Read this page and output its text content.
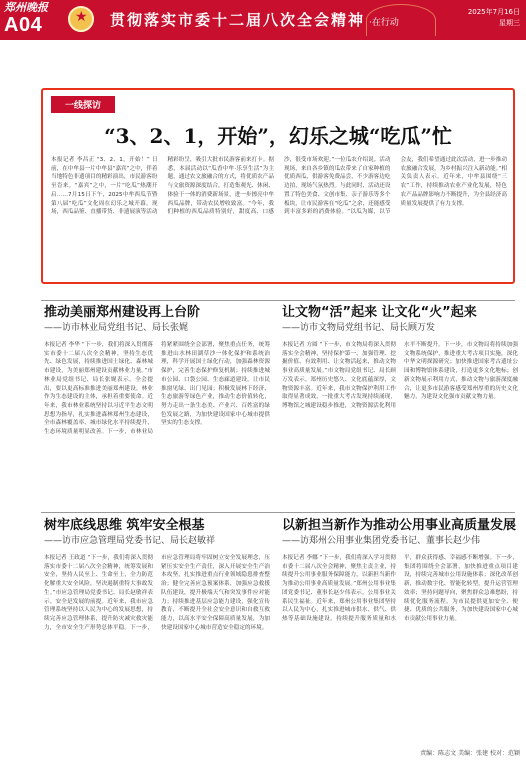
郑州晚报
A04
★	贯彻落实市委十二届八次全会精神 ·在行动
2025年7月16日
星期三
一线探访
“3、2、1，开始”，幻乐之城“吃瓜”忙
本报记者 李昌正 “3、2、1，开始！” 日前，在中牟县一片中牟县“嘉宾”之中，伴着当地特色非遗项目的精彩演出，市民游客纷至沓来。“嘉宾”之中，一片“吃瓜”热潮开启……7月15日下午，2025中牟西瓜节暨第八届“吃瓜”文化周在幻乐之城开幕。现场，西瓜品鉴、直播带货、非遗展演等活动精彩纷呈，吸引大批市民游客前来打卡。据悉，本届活动以“瓜香中牟·乐享生活”为主题，通过农文旅融合的方式，将优质农产品与文旅资源深度结合，打造集观光、休闲、体验于一体的消费新场景，进一步擦亮中牟西瓜品牌，带动农民增收致富。“今年，我们种植的西瓜品质特别好，甜度高、口感沙，很受市场欢迎。”一位瓜农介绍说。活动现场，来自各乡镇的瓜农带来了自家种植的优质西瓜，供游客免费品尝，不少游客边吃边拍，现场气氛热烈。与此同时，活动还设置了特色美食、文创市集、亲子游乐等多个板块，让市民游客在“吃瓜”之余，还能感受到丰富多彩的消费体验。“以瓜为媒，以节会友，我们希望通过此次活动，进一步推动农旅融合发展，为乡村振兴注入新动能。”相关负责人表示。近年来，中牟县围绕“三农”工作，持续推动农业产业化发展，特色农产品品牌影响力不断提升，为全县经济高质量发展提供了有力支撑。
推动美丽郑州建设再上台阶
——访市林业局党组书记、局长张娓
本报记者 李华 “下一步，我们将深入贯彻落实市委十二届八次全会精神，坚持生态优先、绿色发展，持续推进国土绿化、森林城市建设，为美丽郑州建设贡献林业力量。”市林业局党组书记、局长张娓表示。全会提出，要以更高标准推进美丽郑州建设。林业作为生态建设的主体，承担着重要使命。近年来，我市林业系统坚持以习近平生态文明思想为指导，扎实推进森林郑州生态建设，全市森林覆盖率、城市绿化水平持续提升，生态环境质量明显改善。下一步，市林业局将紧紧围绕全会部署，聚焦重点任务，统筹推进山水林田湖草沙一体化保护和系统治理，科学开展国土绿化行动，加强森林资源保护，完善生态保护修复机制；持续推进城市公园、口袋公园、生态廊道建设，让市民推窗见绿、出门见园；积极发展林下经济、生态旅游等绿色产业，推动生态价值转化，努力走出一条生态美、产业兴、百姓富的绿色发展之路，为加快建设国家中心城市提供坚实的生态支撑。
让文物“活”起来 让文化“火”起来
——访市文物局党组书记、局长顾万发
本报记者 方圆 “下一步，市文物局将深入贯彻落实全会精神，坚持保护第一、加强管理、挖掘价值、有效利用、让文物活起来，推动文物事业高质量发展。”市文物局党组书记、局长顾万发表示。郑州历史悠久、文化底蕴深厚，文物资源丰富。近年来，我市文物保护利用工作取得显著成效，一批重大考古发现持续涌现，博物馆之城建设稳步推进，文物资源活化利用水平不断提升。下一步，市文物局将持续加强文物系统保护，推进重大考古项目实施，深化中华文明探源研究；加快推进国家考古遗址公园和博物馆体系建设，打造更多文化地标；创新文物展示利用方式，推动文物与旅游深度融合，让更多市民游客感受郑州厚重的历史文化魅力，为建设文化强市贡献文物力量。
树牢底线思维 筑牢安全根基
——访市应急管理局党委书记、局长赵敏祥
本报记者 王政道 “下一步，我们将深入贯彻落实市委十二届八次全会精神，统筹发展和安全，坚持人民至上、生命至上，全力防范化解重大安全风险，坚决遏制重特大事故发生。”市应急管理局党委书记、局长赵敏祥表示。安全是发展的前提。近年来，我市应急管理系统坚持以人民为中心的发展思想，持续完善应急管理体系，提升防灾减灾救灾能力，全市安全生产形势总体平稳。下一步，市应急管理局将牢固树立安全发展理念，压紧压实安全生产责任，深入开展安全生产治本攻坚，扎实推进重点行业领域隐患排查整治；健全完善应急预案体系，加强应急救援队伍建设，提升极端天气和突发事件应对能力；持续推进基层应急能力建设，强化宣传教育，不断提升全社会安全意识和自救互救能力，以高水平安全保障高质量发展，为加快建设国家中心城市营造安全稳定的环境。
以新担当新作为推动公用事业高质量发展
——访郑州公用事业集团党委书记、董事长赵少伟
本报记者 李娜 “下一步，我们将深入学习贯彻市委十二届八次全会精神，聚焦主责主业，持续提升公用事业服务保障能力，以新担当新作为推动公用事业高质量发展。”郑州公用事业集团党委书记、董事长赵少伟表示。公用事业关系民生福祉。近年来，郑州公用事业集团坚持以人民为中心，扎实推进城市供水、供气、供热等基础设施建设，持续提升服务质量和水平，群众获得感、幸福感不断增强。下一步，集团将围绕全会部署，加快推进重点项目建设，持续完善城市公用设施体系；深化改革创新，推动数字化、智能化转型，提升运营管理效率；坚持问题导向，聚焦群众急难愁盼，持续优化服务流程，为市民提供更加安全、便捷、优质的公共服务，为加快建设国家中心城市贡献公用事业力量。
责编：陈志文 美编：张建 校对：范颖
